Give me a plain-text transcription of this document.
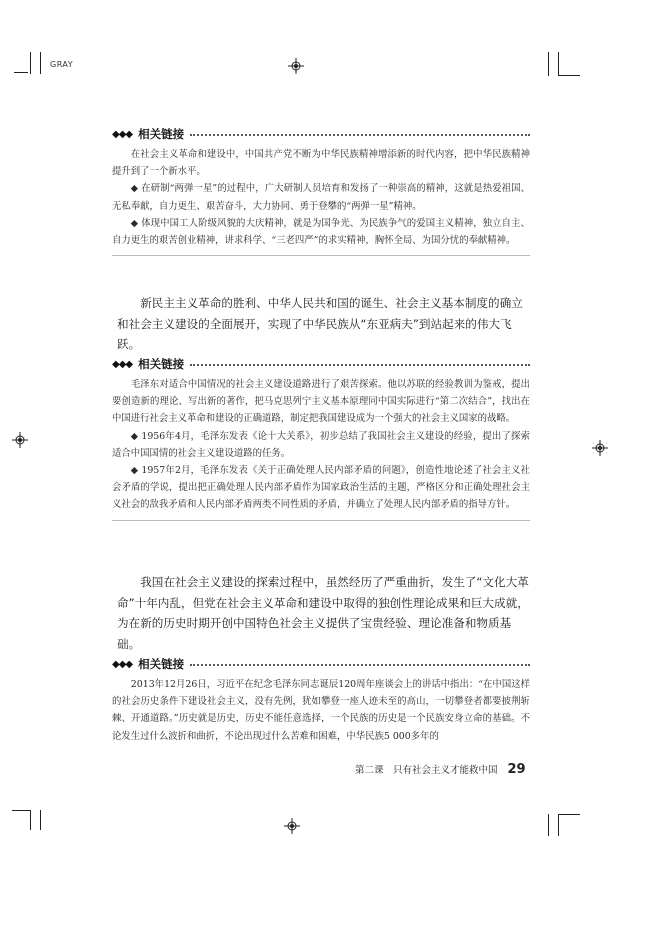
GRAY
◆◆◆ 相关链接

在社会主义革命和建设中，中国共产党不断为中华民族精神增添新的时代内容，把中华民族精神提升到了一个新水平。

◆ 在研制“两弹一星”的过程中，广大研制人员培育和发扬了一种崇高的精神，这就是热爱祖国、无私奉献，自力更生、艰苦奋斗，大力协同、勇于登攀的“两弹一星”精神。

◆ 体现中国工人阶级风貌的大庆精神，就是为国争光、为民族争气的爱国主义精神，独立自主、自力更生的艰苦创业精神，讲求科学、“三老四严”的求实精神，胸怀全局、为国分忧的奉献精神。

新民主主义革命的胜利、中华人民共和国的诞生、社会主义基本制度的确立和社会主义建设的全面展开，实现了中华民族从“东亚病夫”到站起来的伟大飞跃。

◆◆◆ 相关链接

毛泽东对适合中国情况的社会主义建设道路进行了艰苦探索。他以苏联的经验教训为鉴戒，提出要创造新的理论、写出新的著作，把马克思列宁主义基本原理同中国实际进行“第二次结合”，找出在中国进行社会主义革命和建设的正确道路，制定把我国建设成为一个强大的社会主义国家的战略。

◆ 1956年4月，毛泽东发表《论十大关系》，初步总结了我国社会主义建设的经验，提出了探索适合中国国情的社会主义建设道路的任务。

◆ 1957年2月，毛泽东发表《关于正确处理人民内部矛盾的问题》，创造性地论述了社会主义社会矛盾的学说，提出把正确处理人民内部矛盾作为国家政治生活的主题，严格区分和正确处理社会主义社会的敌我矛盾和人民内部矛盾两类不同性质的矛盾，并确立了处理人民内部矛盾的指导方针。

我国在社会主义建设的探索过程中，虽然经历了严重曲折，发生了“文化大革命”十年内乱，但党在社会主义革命和建设中取得的独创性理论成果和巨大成就，为在新的历史时期开创中国特色社会主义提供了宝贵经验、理论准备和物质基础。

◆◆◆ 相关链接

2013年12月26日，习近平在纪念毛泽东同志诞辰120周年座谈会上的讲话中指出：“在中国这样的社会历史条件下建设社会主义，没有先例，犹如攀登一座人迹未至的高山，一切攀登者都要披荆斩棘、开通道路。”历史就是历史，历史不能任意选择，一个民族的历史是一个民族安身立命的基础。不论发生过什么波折和曲折，不论出现过什么苦难和困难，中华民族5 000多年的

第二课　只有社会主义才能救中国 29
